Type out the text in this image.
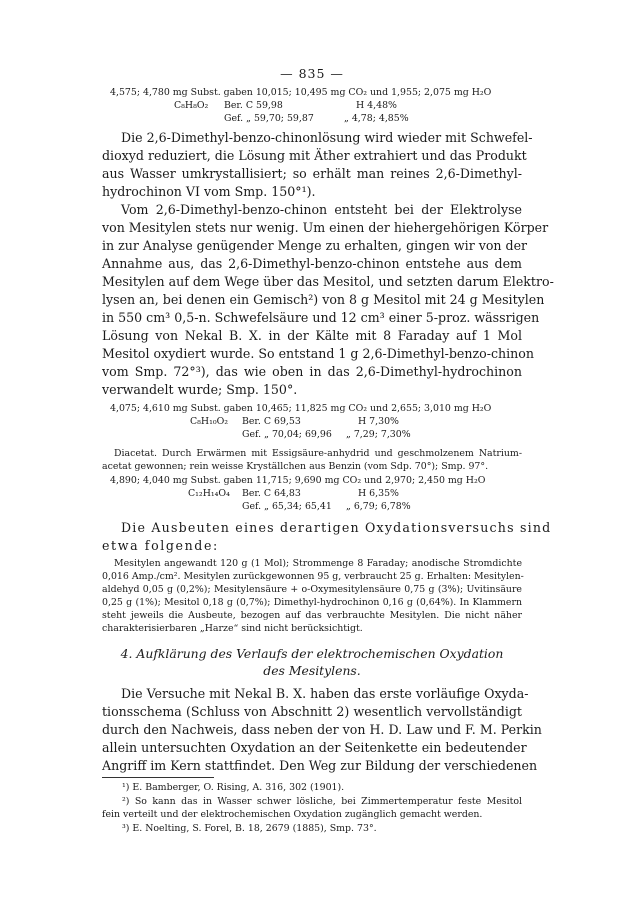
— 835 —
4,575; 4,780 mg Subst. gaben 10,015; 10,495 mg CO₂ und 1,955; 2,075 mg H₂O
C₈H₈O₂ Ber. C 59,98	H 4,48%
Gef. „ 59,70; 59,87	„ 4,78; 4,85%
Die 2,6-Dimethyl-benzo-chinonlösung wird wieder mit Schwefel-
dioxyd reduziert, die Lösung mit Äther extrahiert und das Produkt
aus Wasser umkrystallisiert; so erhält man reines 2,6-Dimethyl-
hydrochinon VI vom Smp. 150°¹).
Vom 2,6-Dimethyl-benzo-chinon entsteht bei der Elektrolyse
von Mesitylen stets nur wenig. Um einen der hiehergehörigen Körper
in zur Analyse genügender Menge zu erhalten, gingen wir von der
Annahme aus, das 2,6-Dimethyl-benzo-chinon entstehe aus dem
Mesitylen auf dem Wege über das Mesitol, und setzten darum Elektro-
lysen an, bei denen ein Gemisch²) von 8 g Mesitol mit 24 g Mesitylen
in 550 cm³ 0,5-n. Schwefelsäure und 12 cm³ einer 5-proz. wässrigen
Lösung von Nekal B. X. in der Kälte mit 8 Faraday auf 1 Mol
Mesitol oxydiert wurde. So entstand 1 g 2,6-Dimethyl-benzo-chinon
vom Smp. 72°³), das wie oben in das 2,6-Dimethyl-hydrochinon
verwandelt wurde; Smp. 150°.
4,075; 4,610 mg Subst. gaben 10,465; 11,825 mg CO₂ und 2,655; 3,010 mg H₂O
C₈H₁₀O₂ Ber. C 69,53	H 7,30%
Gef. „ 70,04; 69,96 „ 7,29; 7,30%
Diacetat. Durch Erwärmen mit Essigsäure-anhydrid und geschmolzenem Natrium-
acetat gewonnen; rein weisse Kryställchen aus Benzin (vom Sdp. 70°); Smp. 97°.
4,890; 4,040 mg Subst. gaben 11,715; 9,690 mg CO₂ und 2,970; 2,450 mg H₂O
C₁₂H₁₄O₄ Ber. C 64,83	H 6,35%
Gef. „ 65,34; 65,41 „ 6,79; 6,78%
Die Ausbeuten eines derartigen Oxydationsversuchs sind
etwa folgende:
Mesitylen angewandt 120 g (1 Mol); Strommenge 8 Faraday; anodische Stromdichte
0,016 Amp./cm². Mesitylen zurückgewonnen 95 g, verbraucht 25 g. Erhalten: Mesitylen-
aldehyd 0,05 g (0,2%); Mesitylensäure + o-Oxymesitylensäure 0,75 g (3%); Uvitinsäure
0,25 g (1%); Mesitol 0,18 g (0,7%); Dimethyl-hydrochinon 0,16 g (0,64%). In Klammern
steht jeweils die Ausbeute, bezogen auf das verbrauchte Mesitylen. Die nicht näher
charakterisierbaren „Harze“ sind nicht berücksichtigt.
4. Aufklärung des Verlaufs der elektrochemischen Oxydation
des Mesitylens.
Die Versuche mit Nekal B. X. haben das erste vorläufige Oxyda-
tionsschema (Schluss von Abschnitt 2) wesentlich vervollständigt
durch den Nachweis, dass neben der von H. D. Law und F. M. Perkin
allein untersuchten Oxydation an der Seitenkette ein bedeutender
Angriff im Kern stattfindet. Den Weg zur Bildung der verschiedenen
¹) E. Bamberger, O. Rising, A. 316, 302 (1901).
²) So kann das in Wasser schwer lösliche, bei Zimmertemperatur feste Mesitol
fein verteilt und der elektrochemischen Oxydation zugänglich gemacht werden.
³) E. Noelting, S. Forel, B. 18, 2679 (1885), Smp. 73°.
